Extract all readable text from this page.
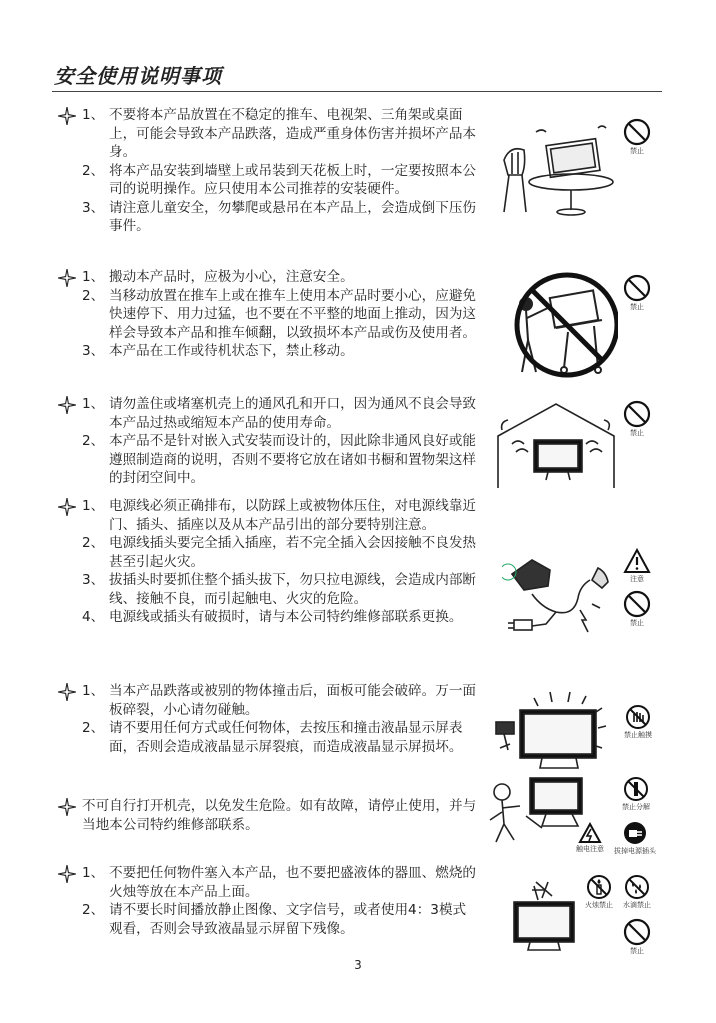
安全使用说明事项
1、 不要将本产品放置在不稳定的推车、电视架、三角架或桌面上，可能会导致本产品跌落，造成严重身体伤害并损坏产品本身。
2、 将本产品安装到墙壁上或吊装到天花板上时，一定要按照本公司的说明操作。应只使用本公司推荐的安装硬件。
3、 请注意儿童安全，勿攀爬或悬吊在本产品上，会造成倒下压伤事件。
1、 搬动本产品时，应极为小心，注意安全。
2、 当移动放置在推车上或在推车上使用本产品时要小心，应避免快速停下、用力过猛，也不要在不平整的地面上推动，因为这样会导致本产品和推车倾翻，以致损坏本产品或伤及使用者。
3、 本产品在工作或待机状态下，禁止移动。
1、 请勿盖住或堵塞机壳上的通风孔和开口，因为通风不良会导致本产品过热或缩短本产品的使用寿命。
2、 本产品不是针对嵌入式安装而设计的，因此除非通风良好或能遵照制造商的说明，否则不要将它放在诸如书橱和置物架这样的封闭空间中。
1、 电源线必须正确排布，以防踩上或被物体压住，对电源线靠近门、插头、插座以及从本产品引出的部分要特别注意。
2、 电源线插头要完全插入插座，若不完全插入会因接触不良发热甚至引起火灾。
3、 拔插头时要抓住整个插头拔下，勿只拉电源线，会造成内部断线、接触不良，而引起触电、火灾的危险。
4、 电源线或插头有破损时，请与本公司特约维修部联系更换。
1、 当本产品跌落或被别的物体撞击后，面板可能会破碎。万一面板碎裂，小心请勿碰触。
2、 请不要用任何方式或任何物体，去按压和撞击液晶显示屏表面，否则会造成液晶显示屏裂痕，而造成液晶显示屏损坏。
不可自行打开机壳，以免发生危险。如有故障，请停止使用，并与当地本公司特约维修部联系。
1、 不要把任何物件塞入本产品，也不要把盛液体的器皿、燃烧的火烛等放在本产品上面。
2、 请不要长时间播放静止图像、文字信号，或者使用4：3模式观看，否则会导致液晶显示屏留下残像。
禁止
禁止
禁止
注意
禁止
禁止触摸
禁止分解
触电注意	拔掉电源插头
火烛禁止	水滴禁止
禁止
3
